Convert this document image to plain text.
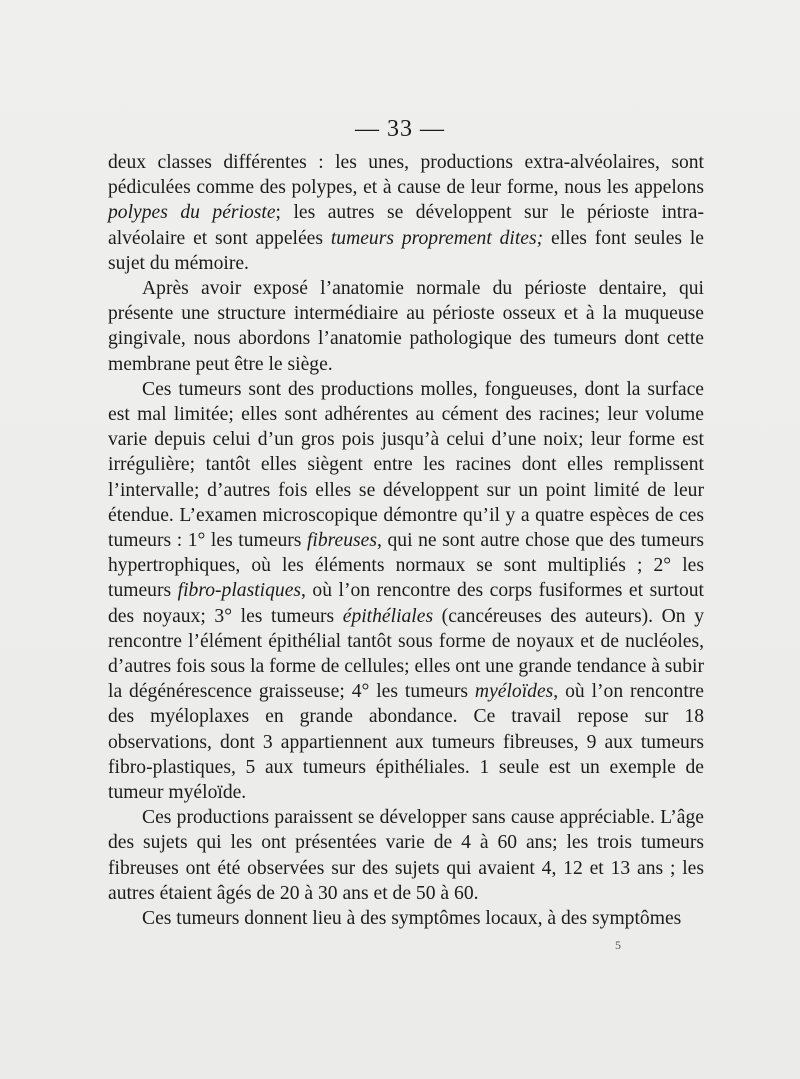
— 33 —

deux classes différentes : les unes, productions extra-alvéolaires, sont pédiculées comme des polypes, et à cause de leur forme, nous les appelons polypes du périoste; les autres se développent sur le périoste intra-alvéolaire et sont appelées tumeurs proprement dites; elles font seules le sujet du mémoire.

Après avoir exposé l’anatomie normale du périoste dentaire, qui présente une structure intermédiaire au périoste osseux et à la muqueuse gingivale, nous abordons l’anatomie pathologique des tumeurs dont cette membrane peut être le siège.

Ces tumeurs sont des productions molles, fongueuses, dont la surface est mal limitée; elles sont adhérentes au cément des racines; leur volume varie depuis celui d’un gros pois jusqu’à celui d’une noix; leur forme est irrégulière; tantôt elles siègent entre les racines dont elles remplissent l’intervalle; d’autres fois elles se développent sur un point limité de leur étendue. L’examen microscopique démontre qu’il y a quatre espèces de ces tumeurs : 1° les tumeurs fibreuses, qui ne sont autre chose que des tumeurs hypertrophiques, où les éléments normaux se sont multipliés ; 2° les tumeurs fibro-plastiques, où l’on rencontre des corps fusiformes et surtout des noyaux; 3° les tumeurs épithéliales (cancéreuses des auteurs). On y rencontre l’élément épithélial tantôt sous forme de noyaux et de nucléoles, d’autres fois sous la forme de cellules; elles ont une grande tendance à subir la dégénérescence graisseuse; 4° les tumeurs myéloïdes, où l’on rencontre des myéloplaxes en grande abondance. Ce travail repose sur 18 observations, dont 3 appartiennent aux tumeurs fibreuses, 9 aux tumeurs fibro-plastiques, 5 aux tumeurs épithéliales. 1 seule est un exemple de tumeur myéloïde.

Ces productions paraissent se développer sans cause appréciable. L’âge des sujets qui les ont présentées varie de 4 à 60 ans; les trois tumeurs fibreuses ont été observées sur des sujets qui avaient 4, 12 et 13 ans ; les autres étaient âgés de 20 à 30 ans et de 50 à 60.

Ces tumeurs donnent lieu à des symptômes locaux, à des symptômes

5
